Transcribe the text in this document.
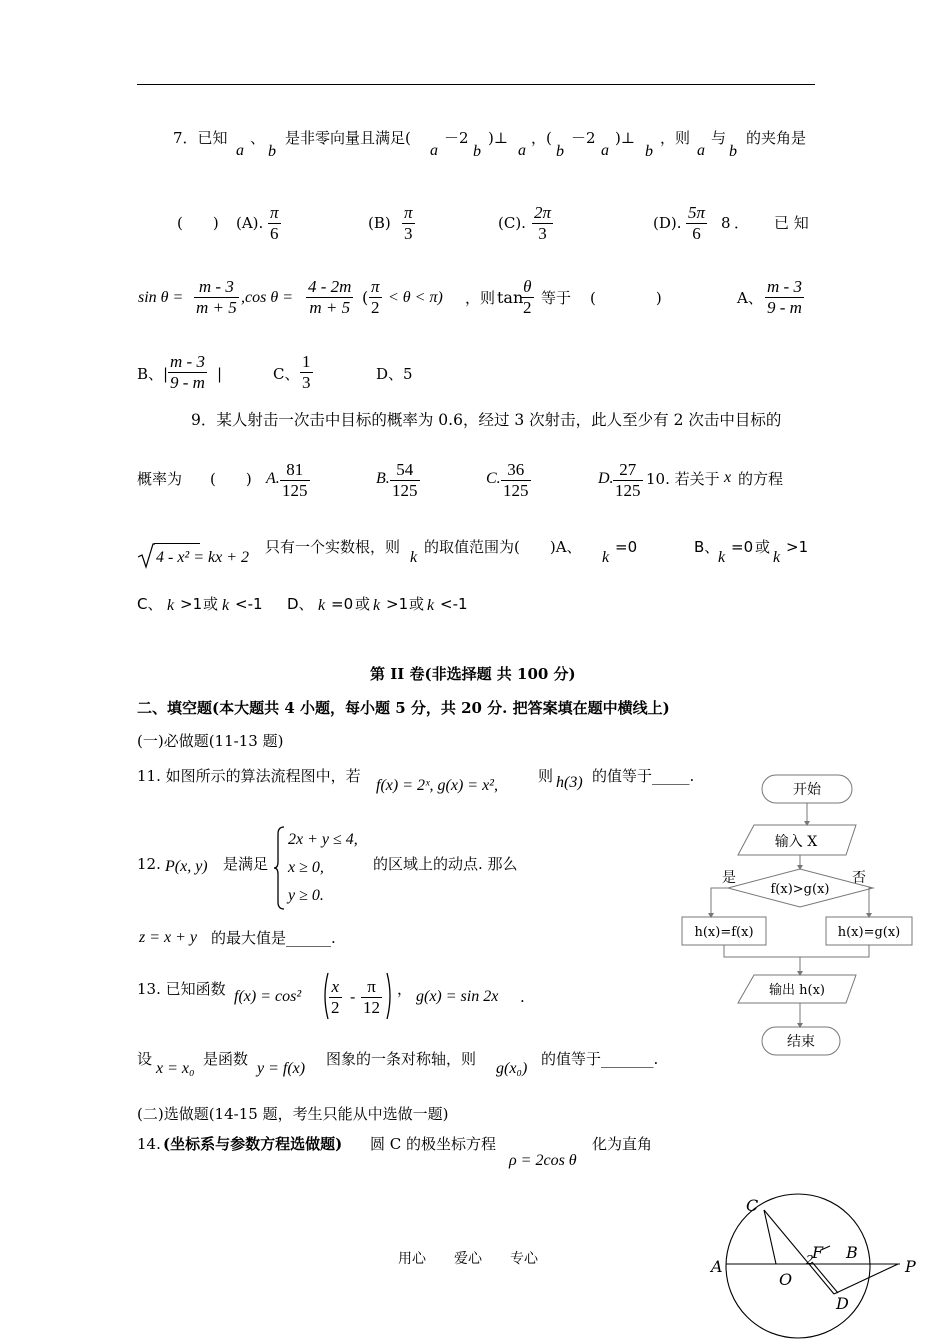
7．已知
a
、
b
是非零向量且满足(
a
－2
b
)⊥
a
，(
b
－2
a
)⊥
b
，则
a
与
b
的夹角是
(　　) (A). $\frac{\pi}{6}$	$(B) \frac{\pi}{3}$	(C). $\frac{2\pi}{3}$	(D). $\frac{5\pi}{6} 8$ ． 已 知
$\sin \theta = \frac{m - 3}{m + 5} ,\cos$ $\theta = \frac{4 - 2m}{m + 5}$ ( $\frac{\pi}{2} < \theta < \pi$) ，则 tan
$\frac{\theta}{2}$ 等于 (　　　　)	A、 $\frac{m - 3}{9 - m}$
B、| $\frac{m - 3}{9 - m}$ |	C、 $\frac{1}{3}$	D、5
9．某人射击一次击中目标的概率为 0.6，经过 3 次射击，此人至少有 2 次击中目标的
概率为 (　　) A. $\frac{81}{125}$	B. $\frac{54}{125}$	C. $\frac{36}{125}$	D. $\frac{27}{125} 10$. 若关于 x 的方程
4 - x² = kx + 2
只有一个实数根，则
k
的取值范围为(　　)A、
k
=0	B、
k
=0 或
k
>1
C、 k >1 或 k <-1 D、 k =0 或 k >1 或 k <-1
第 II 卷(非选择题 共 100 分)
二、填空题(本大题共 4 小题，每小题 5 分，共 20 分. 把答案填在题中横线上)
(一)必做题(11-13 题)
11. 如图所示的算法流程图中，若
f(x) = 2ˣ, g(x) = x²,
则 h(3) 的值等于_____.
12. P(x, y) 是满足
2x + y ≤ 4,
x ≥ 0,
y ≥ 0.
的区域上的动点. 那么
z = x + y 的最大值是______.
13. 已知函数 $f(x) = \cos^2 \frac{x}{2} - \frac{\pi}{12}$ ， g(x) = sin 2x .
设
x = x₀
是函数
y = f(x)
图象的一条对称轴，则
g(x₀)
的值等于_______.
(二)选做题(14-15 题，考生只能从中选做一题)
14. (坐标系与参数方程选做题) 圆 C 的极坐标方程
ρ = 2cos θ
化为直角
开始
输入 X
f(x)>g(x)
是	否
h(x)=f(x)	h(x)=g(x)
输出 h(x)
结束
C
A
O
2
F B
P
D
用心　　爱心　　专心
